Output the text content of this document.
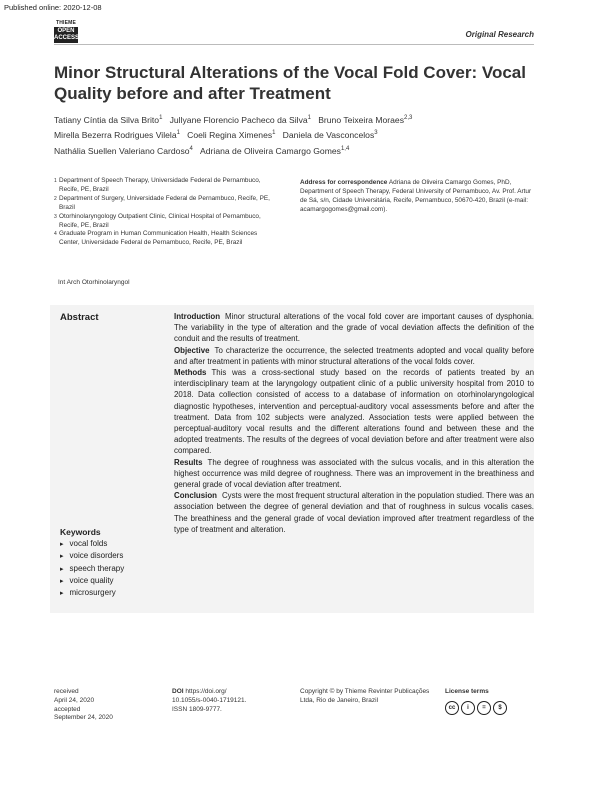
Published online: 2020-12-08
THIEME
OPEN
ACCESS	Original Research
Minor Structural Alterations of the Vocal Fold Cover: Vocal Quality before and after Treatment
Tatiany Cíntia da Silva Brito$^1$ Jullyane Florencio Pacheco da Silva$^1$ Bruno Teixeira Moraes$^{2,3}$
Mirella Bezerra Rodrigues Vilela$^1$ Coeli Regina Ximenes$^1$ Daniela de Vasconcelos$^3$
Nathália Suellen Valeriano Cardoso$^4$ Adriana de Oliveira Camargo Gomes$^{1,4}$
1 Department of Speech Therapy, Universidade Federal de Pernambuco, Recife, PE, Brazil
2 Department of Surgery, Universidade Federal de Pernambuco, Recife, PE, Brazil
3 Otorhinolaryngology Outpatient Clinic, Clinical Hospital of Pernambuco, Recife, PE, Brazil
4 Graduate Program in Human Communication Health, Health Sciences Center, Universidade Federal de Pernambuco, Recife, PE, Brazil
Address for correspondence Adriana de Oliveira Camargo Gomes, PhD, Department of Speech Therapy, Federal University of Pernambuco, Av. Prof. Artur de Sá, s/n, Cidade Universitária, Recife, Pernambuco, 50670-420, Brazil (e-mail: acamargogomes@gmail.com).
Int Arch Otorhinolaryngol
Abstract	Introduction Minor structural alterations of the vocal fold cover are important causes of dysphonia. The variability in the type of alteration and the grade of vocal deviation affects the definition of the conduit and the results of treatment.

Objective To characterize the occurrence, the selected treatments adopted and vocal quality before and after treatment in patients with minor structural alterations of the vocal folds cover.

Methods This was a cross-sectional study based on the records of patients treated by an interdisciplinary team at the laryngology outpatient clinic of a public university hospital from 2010 to 2018. Data collection consisted of access to a database of information on otorhinolaryngological diagnostic hypotheses, intervention and perceptual-auditory vocal assessments before and after the treatment. Data from 102 subjects were analyzed. Association tests were applied between the perceptual-auditory vocal results and the different alterations found and between these and the adopted treatments. The results of the degrees of vocal deviation before and after treatment were also compared.

Results The degree of roughness was associated with the sulcus vocalis, and in this alteration the highest occurrence was mild degree of roughness. There was an improvement in the breathiness and general grade of vocal deviation after treatment.

Conclusion Cysts were the most frequent structural alteration in the population studied. There was an association between the degree of general deviation and that of roughness in sulcus vocalis cases. The breathiness and the general grade of vocal deviation improved after treatment regardless of the type of treatment and alteration.

Keywords
▸ vocal folds
▸ voice disorders
▸ speech therapy
▸ voice quality
▸ microsurgery
received
April 24, 2020
accepted
September 24, 2020
DOI https://doi.org/
10.1055/s-0040-1719121.
ISSN 1809-9777.
Copyright © by Thieme Revinter Publicações Ltda, Rio de Janeiro, Brazil
License terms
cc	i	=	$
